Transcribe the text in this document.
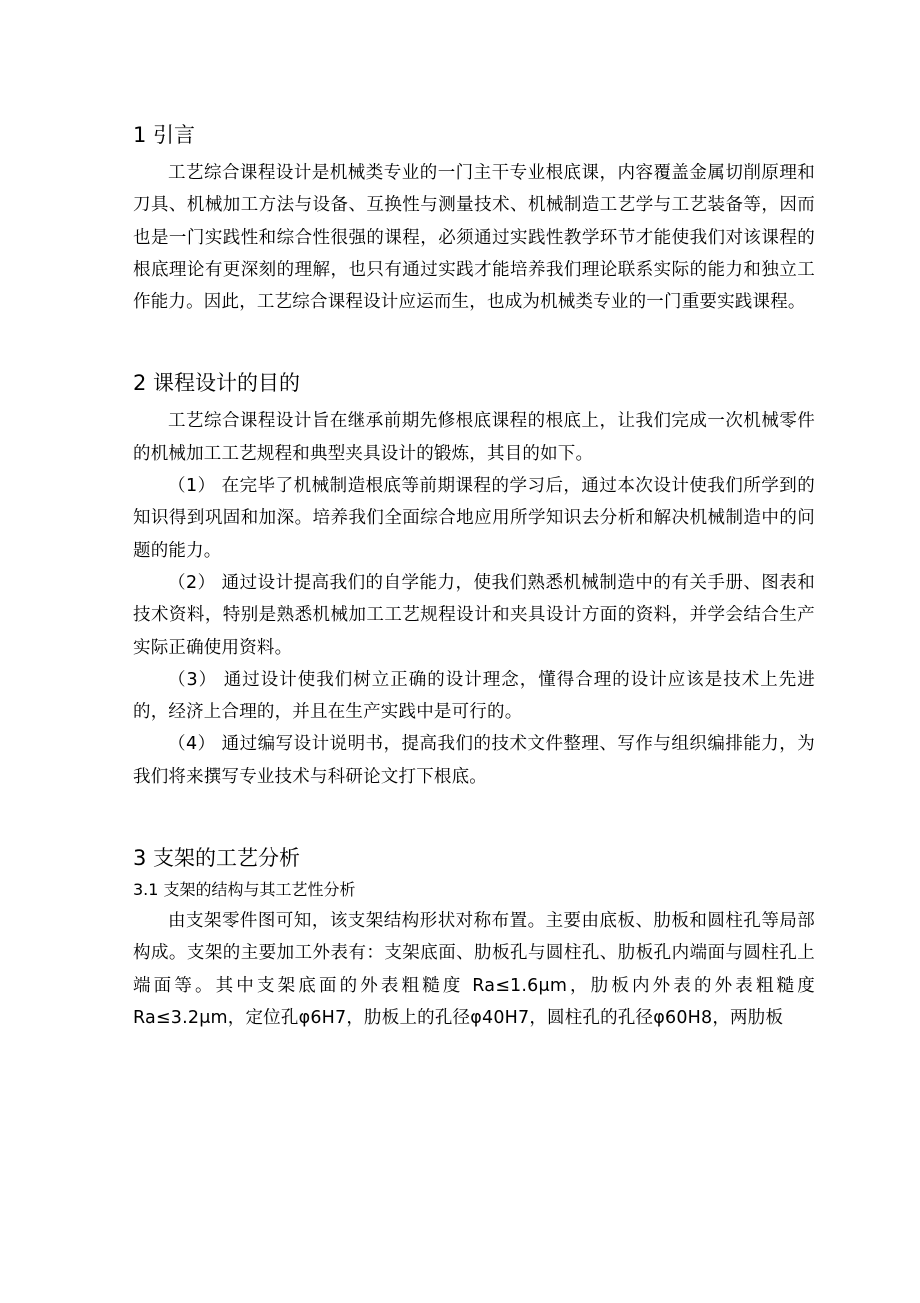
1 引言

工艺综合课程设计是机械类专业的一门主干专业根底课，内容覆盖金属切削原理和刀具、机械加工方法与设备、互换性与测量技术、机械制造工艺学与工艺装备等，因而也是一门实践性和综合性很强的课程，必须通过实践性教学环节才能使我们对该课程的根底理论有更深刻的理解，也只有通过实践才能培养我们理论联系实际的能力和独立工作能力。因此，工艺综合课程设计应运而生，也成为机械类专业的一门重要实践课程。

2 课程设计的目的

工艺综合课程设计旨在继承前期先修根底课程的根底上，让我们完成一次机械零件的机械加工工艺规程和典型夹具设计的锻炼，其目的如下。

（1） 在完毕了机械制造根底等前期课程的学习后，通过本次设计使我们所学到的知识得到巩固和加深。培养我们全面综合地应用所学知识去分析和解决机械制造中的问题的能力。

（2） 通过设计提高我们的自学能力，使我们熟悉机械制造中的有关手册、图表和技术资料，特别是熟悉机械加工工艺规程设计和夹具设计方面的资料，并学会结合生产实际正确使用资料。

（3） 通过设计使我们树立正确的设计理念，懂得合理的设计应该是技术上先进的，经济上合理的，并且在生产实践中是可行的。

（4） 通过编写设计说明书，提高我们的技术文件整理、写作与组织编排能力，为我们将来撰写专业技术与科研论文打下根底。

3 支架的工艺分析
3.1 支架的结构与其工艺性分析

由支架零件图可知，该支架结构形状对称布置。主要由底板、肋板和圆柱孔等局部构成。支架的主要加工外表有：支架底面、肋板孔与圆柱孔、肋板孔内端面与圆柱孔上端面等。其中支架底面的外表粗糙度 Ra≤1.6μm，肋板内外表的外表粗糙度 Ra≤3.2μm，定位孔φ6H7，肋板上的孔径φ40H7，圆柱孔的孔径φ60H8，两肋板
